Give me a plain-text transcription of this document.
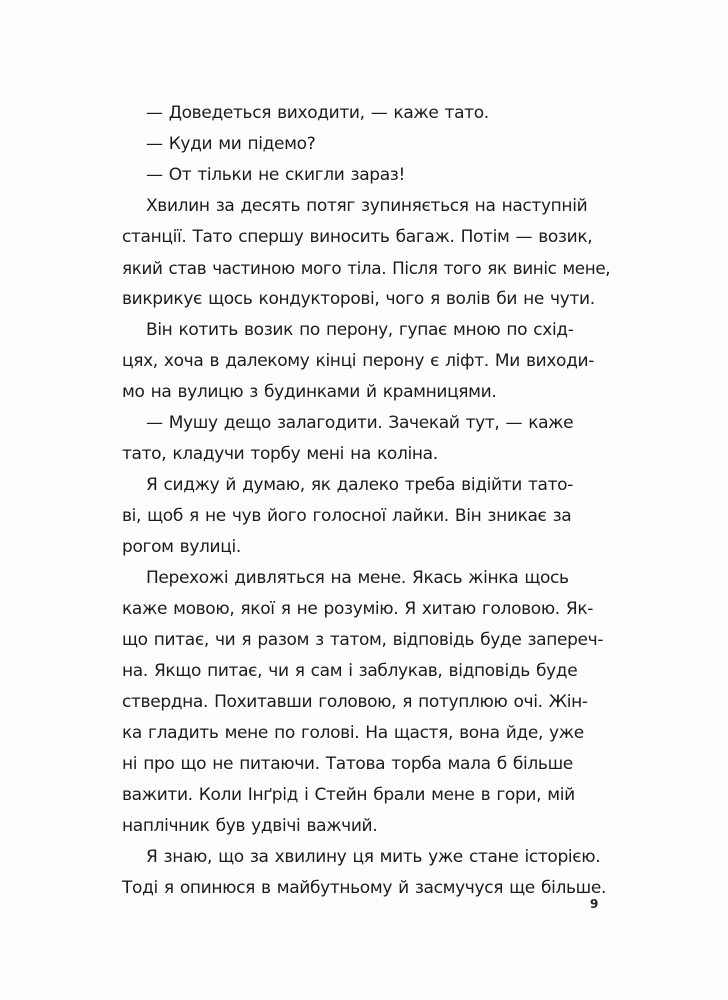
— Доведеться виходити, — каже тато.
— Куди ми підемо?
— От тільки не скигли зараз!
Хвилин за десять потяг зупиняється на наступній
станції. Тато спершу виносить багаж. Потім — возик,
який став частиною мого тіла. Після того як виніс мене,
викрикує щось кондукторові, чого я волів би не чути.
Він котить возик по перону, гупає мною по схід-
цях, хоча в далекому кінці перону є ліфт. Ми виходи-
мо на вулицю з будинками й крамницями.
— Мушу дещо залагодити. Зачекай тут, — каже
тато, кладучи торбу мені на коліна.
Я сиджу й думаю, як далеко треба відійти тато-
ві, щоб я не чув його голосної лайки. Він зникає за
рогом вулиці.
Перехожі дивляться на мене. Якась жінка щось
каже мовою, якої я не розумію. Я хитаю головою. Як-
що питає, чи я разом з татом, відповідь буде запереч-
на. Якщо питає, чи я сам і заблукав, відповідь буде
ствердна. Похитавши головою, я потуплюю очі. Жін-
ка гладить мене по голові. На щастя, вона йде, уже
ні про що не питаючи. Татова торба мала б більше
важити. Коли Інґрід і Стейн брали мене в гори, мій
наплічник був удвічі важчий.
Я знаю, що за хвилину ця мить уже стане історією.
Тоді я опинюся в майбутньому й засмучуся ще більше.
9
